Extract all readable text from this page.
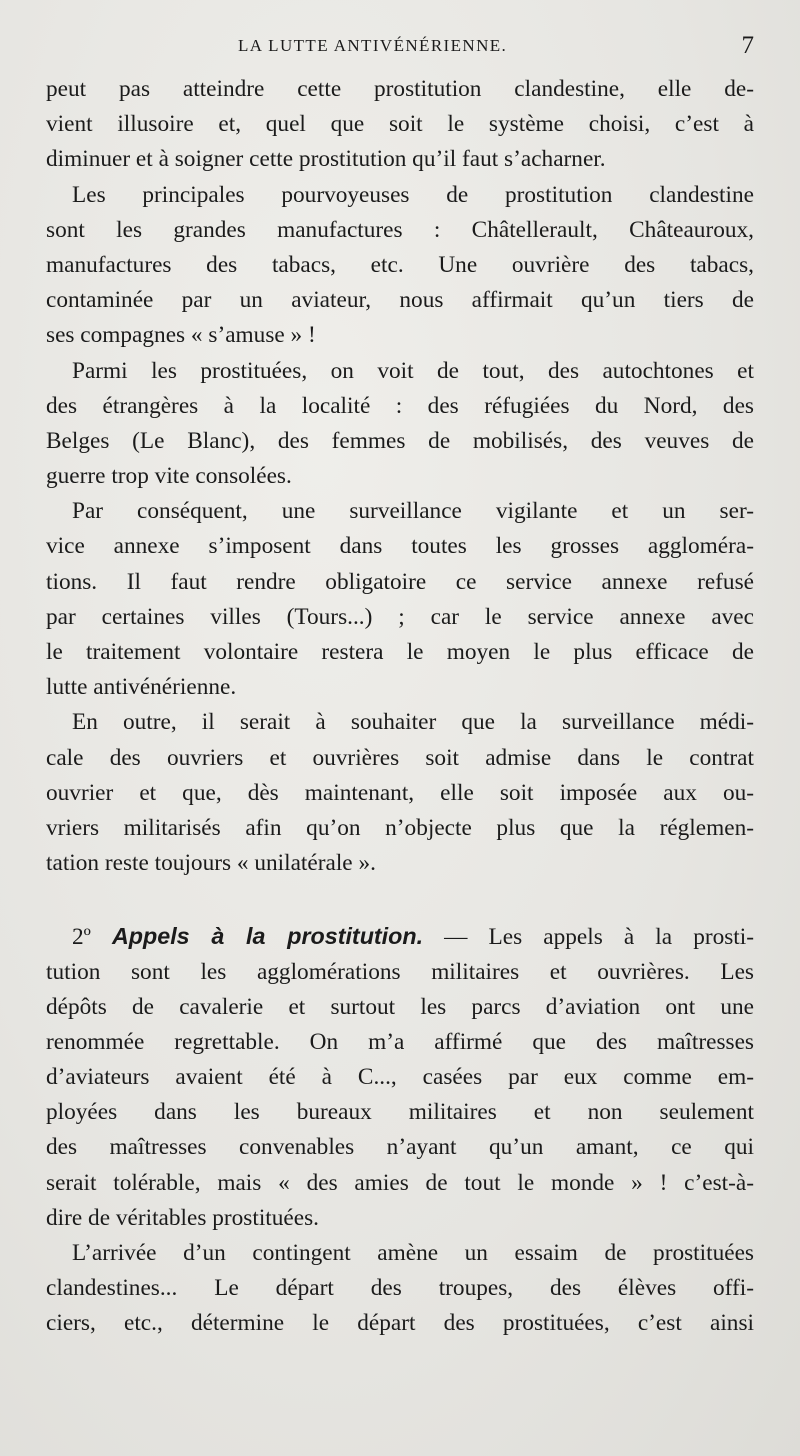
LA LUTTE ANTIVÉNÉRIENNE.	7
peut pas atteindre cette prostitution clandestine, elle de-
vient illusoire et, quel que soit le système choisi, c’est à
diminuer et à soigner cette prostitution qu’il faut s’acharner.
Les principales pourvoyeuses de prostitution clandestine
sont les grandes manufactures : Châtellerault, Châteauroux,
manufactures des tabacs, etc. Une ouvrière des tabacs,
contaminée par un aviateur, nous affirmait qu’un tiers de
ses compagnes « s’amuse » !
Parmi les prostituées, on voit de tout, des autochtones et
des étrangères à la localité : des réfugiées du Nord, des
Belges (Le Blanc), des femmes de mobilisés, des veuves de
guerre trop vite consolées.
Par conséquent, une surveillance vigilante et un ser-
vice annexe s’imposent dans toutes les grosses aggloméra-
tions. Il faut rendre obligatoire ce service annexe refusé
par certaines villes (Tours...) ; car le service annexe avec
le traitement volontaire restera le moyen le plus efficace de
lutte antivénérienne.
En outre, il serait à souhaiter que la surveillance médi-
cale des ouvriers et ouvrières soit admise dans le contrat
ouvrier et que, dès maintenant, elle soit imposée aux ou-
vriers militarisés afin qu’on n’objecte plus que la réglemen-
tation reste toujours « unilatérale ».
2º Appels à la prostitution. — Les appels à la prosti-
tution sont les agglomérations militaires et ouvrières. Les
dépôts de cavalerie et surtout les parcs d’aviation ont une
renommée regrettable. On m’a affirmé que des maîtresses
d’aviateurs avaient été à C..., casées par eux comme em-
ployées dans les bureaux militaires et non seulement
des maîtresses convenables n’ayant qu’un amant, ce qui
serait tolérable, mais « des amies de tout le monde » ! c’est-à-
dire de véritables prostituées.
L’arrivée d’un contingent amène un essaim de prostituées
clandestines... Le départ des troupes, des élèves offi-
ciers, etc., détermine le départ des prostituées, c’est ainsi
